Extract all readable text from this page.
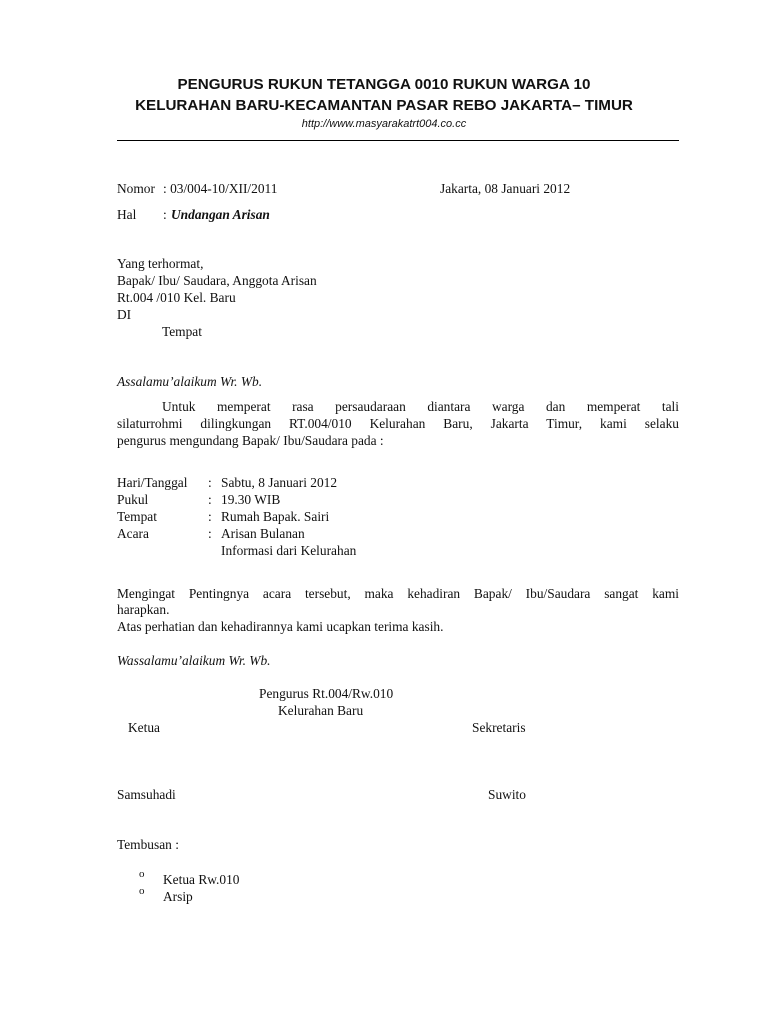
PENGURUS RUKUN TETANGGA 0010 RUKUN WARGA 10
KELURAHAN BARU-KECAMANTAN PASAR REBO JAKARTA– TIMUR
http://www.masyarakatrt004.co.cc
Nomor : 03/004-10/XII/2011	Jakarta, 08 Januari 2012
Hal : Undangan Arisan
Yang terhormat,
Bapak/ Ibu/ Saudara, Anggota Arisan
Rt.004 /010 Kel. Baru
DI
Tempat
Assalamu’alaikum Wr. Wb.
Untuk memperat rasa persaudaraan diantara warga dan memperat tali
silaturrohmi dilingkungan RT.004/010 Kelurahan Baru, Jakarta Timur, kami selaku
pengurus mengundang Bapak/ Ibu/Saudara pada :
Hari/Tanggal : Sabtu, 8 Januari 2012
Pukul	: 19.30 WIB
Tempat	: Rumah Bapak. Sairi
Acara	: Arisan Bulanan
Informasi dari Kelurahan
Mengingat Pentingnya acara tersebut, maka kehadiran Bapak/ Ibu/Saudara sangat kami
harapkan.
Atas perhatian dan kehadirannya kami ucapkan terima kasih.
Wassalamu’alaikum Wr. Wb.
Pengurus Rt.004/Rw.010
Kelurahan Baru
Ketua	Sekretaris
Samsuhadi	Suwito
Tembusan :
o Ketua Rw.010
o Arsip
